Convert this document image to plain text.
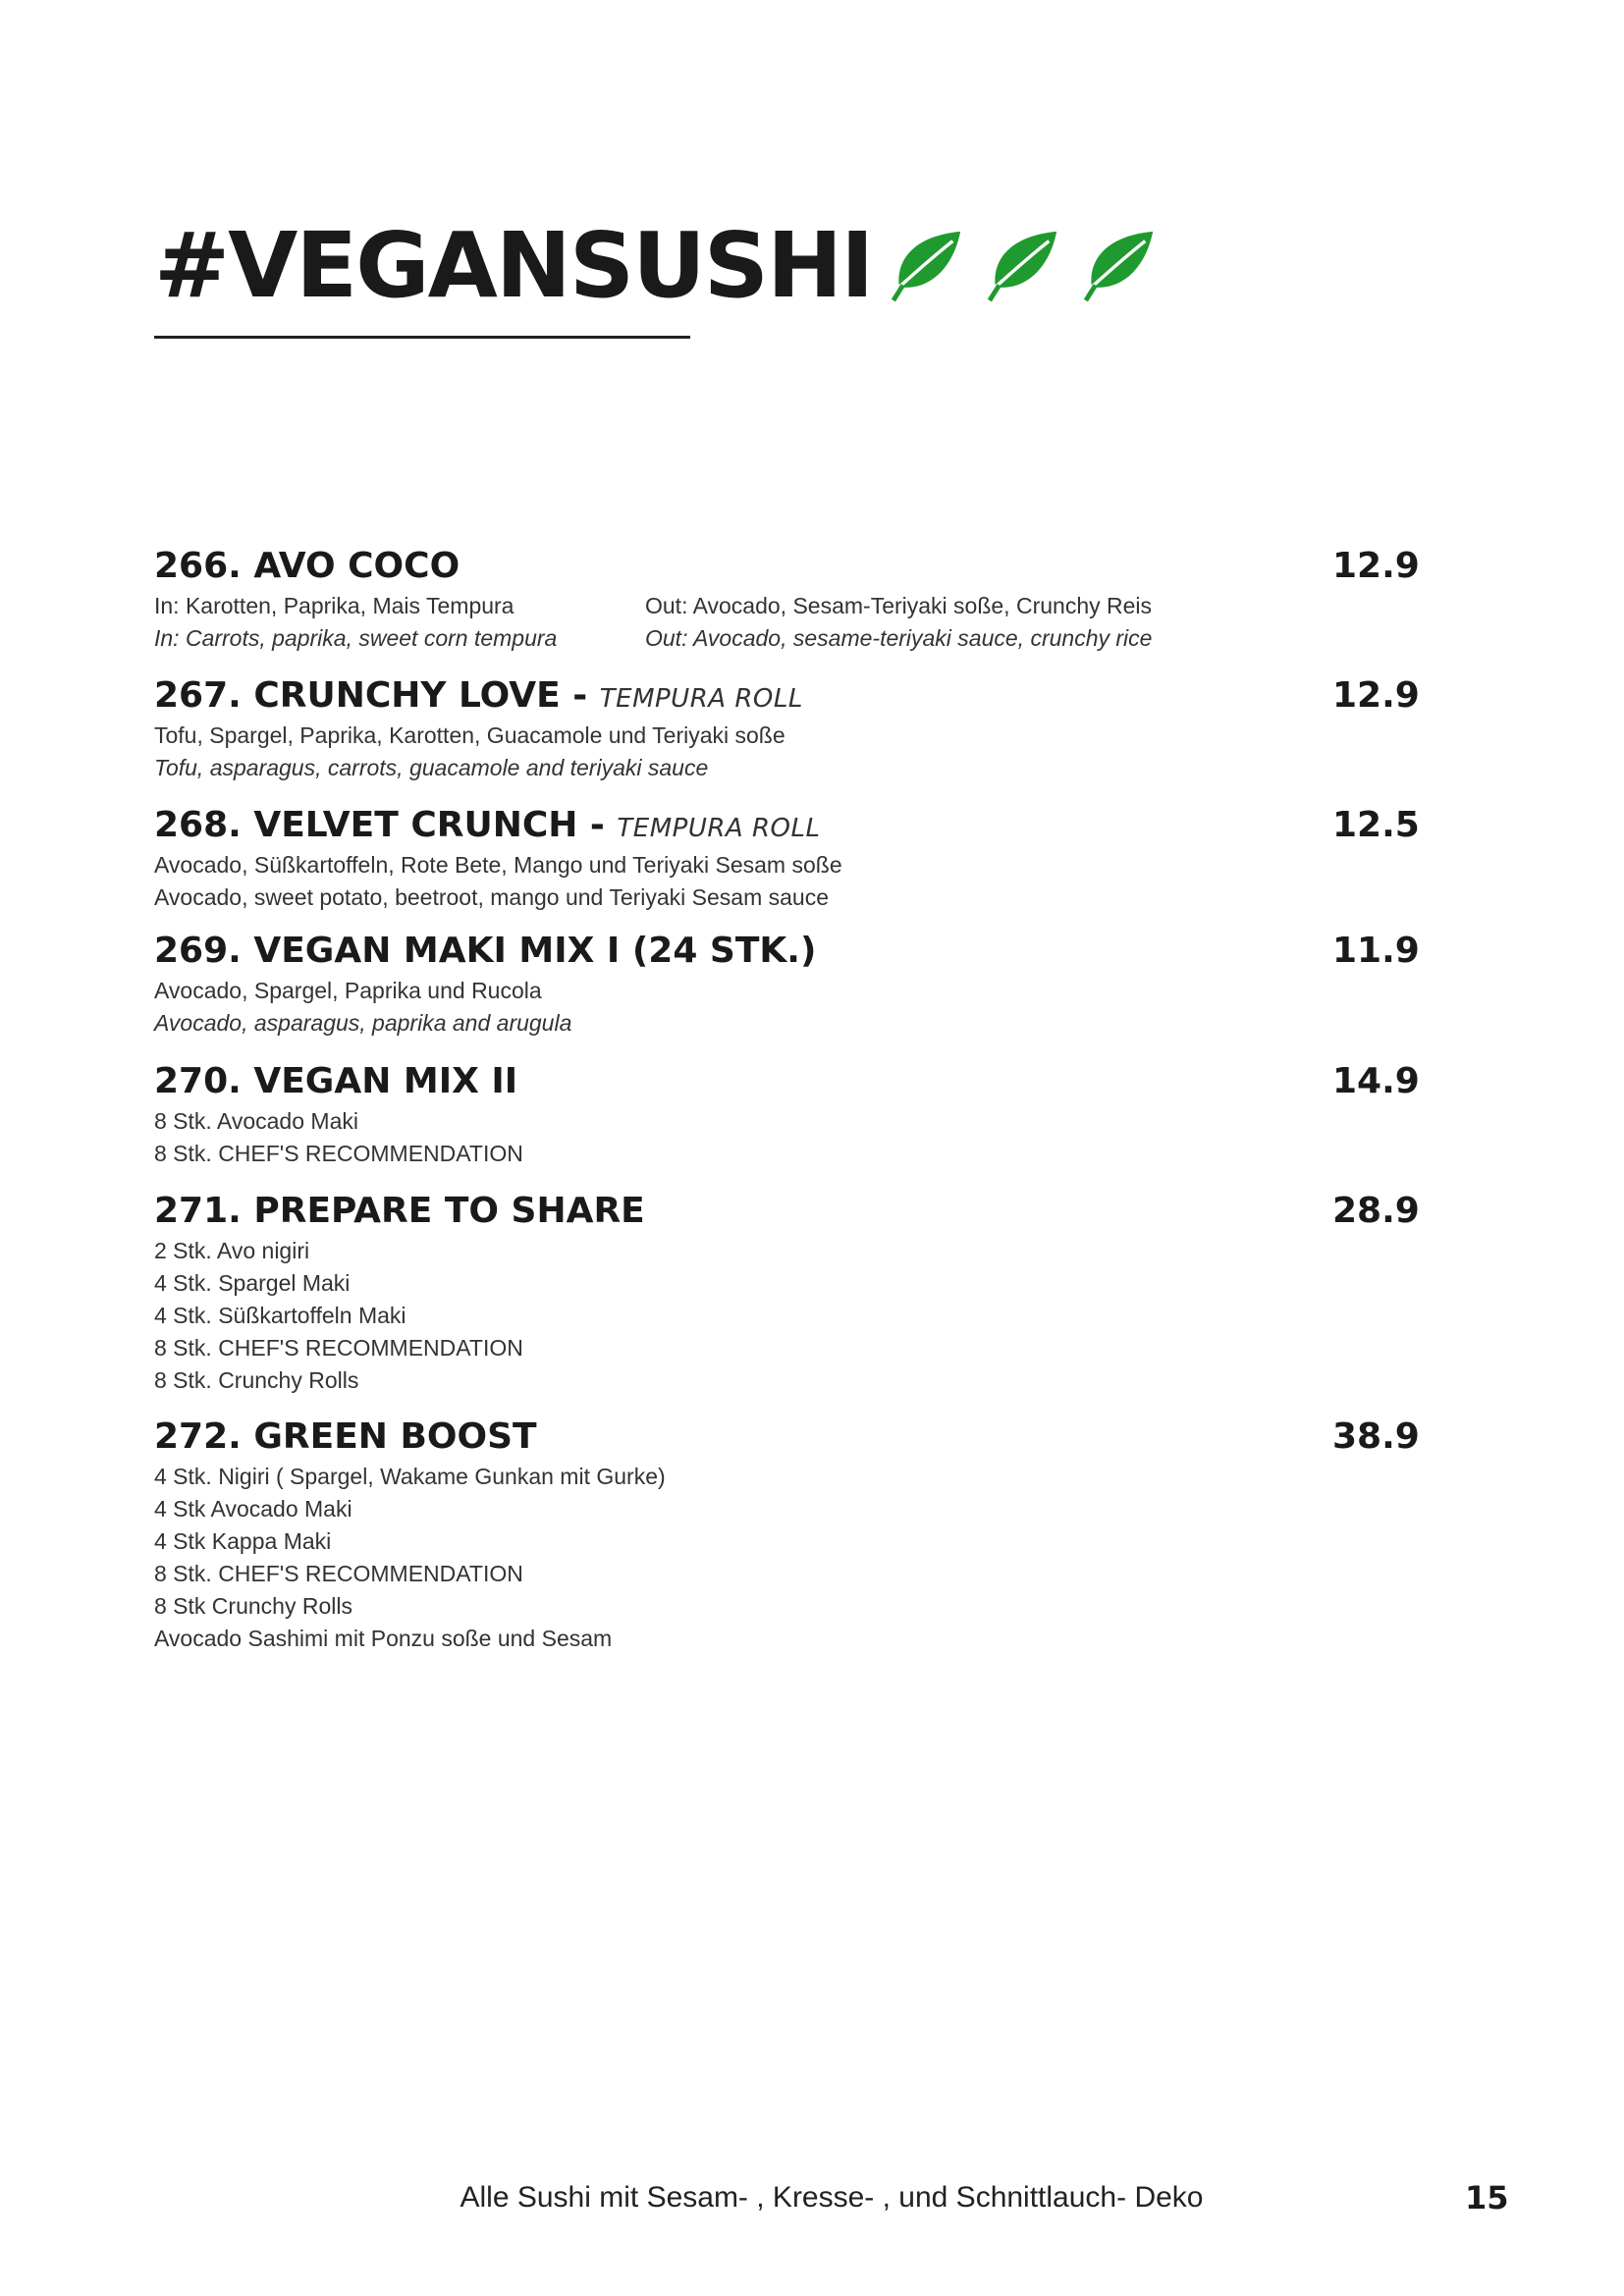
#VEGANSUSHI
266. AVO COCO	12.9
In: Karotten, Paprika, Mais Tempura
In: Carrots, paprika, sweet corn tempura
Out: Avocado, Sesam-Teriyaki soße, Crunchy Reis
Out: Avocado, sesame-teriyaki sauce, crunchy rice
267. CRUNCHY LOVE - TEMPURA ROLL	12.9
Tofu, Spargel, Paprika, Karotten, Guacamole und Teriyaki soße
Tofu, asparagus, carrots, guacamole and teriyaki sauce
268. VELVET CRUNCH - TEMPURA ROLL	12.5
Avocado, Süßkartoffeln, Rote Bete, Mango und Teriyaki Sesam soße
Avocado, sweet potato, beetroot, mango und Teriyaki Sesam sauce
269. VEGAN MAKI MIX I (24 STK.)	11.9
Avocado, Spargel, Paprika und Rucola
Avocado, asparagus, paprika and arugula
270. VEGAN MIX II	14.9
8 Stk. Avocado Maki
8 Stk. CHEF'S RECOMMENDATION
271. PREPARE TO SHARE	28.9
2 Stk. Avo nigiri
4 Stk. Spargel Maki
4 Stk. Süßkartoffeln Maki
8 Stk. CHEF'S RECOMMENDATION
8 Stk. Crunchy Rolls
272. GREEN BOOST	38.9
4 Stk. Nigiri ( Spargel, Wakame Gunkan mit Gurke)
4 Stk Avocado Maki
4 Stk Kappa Maki
8 Stk. CHEF'S RECOMMENDATION
8 Stk Crunchy Rolls
Avocado Sashimi mit Ponzu soße und Sesam
Alle Sushi mit Sesam- , Kresse- , und Schnittlauch- Deko	15
